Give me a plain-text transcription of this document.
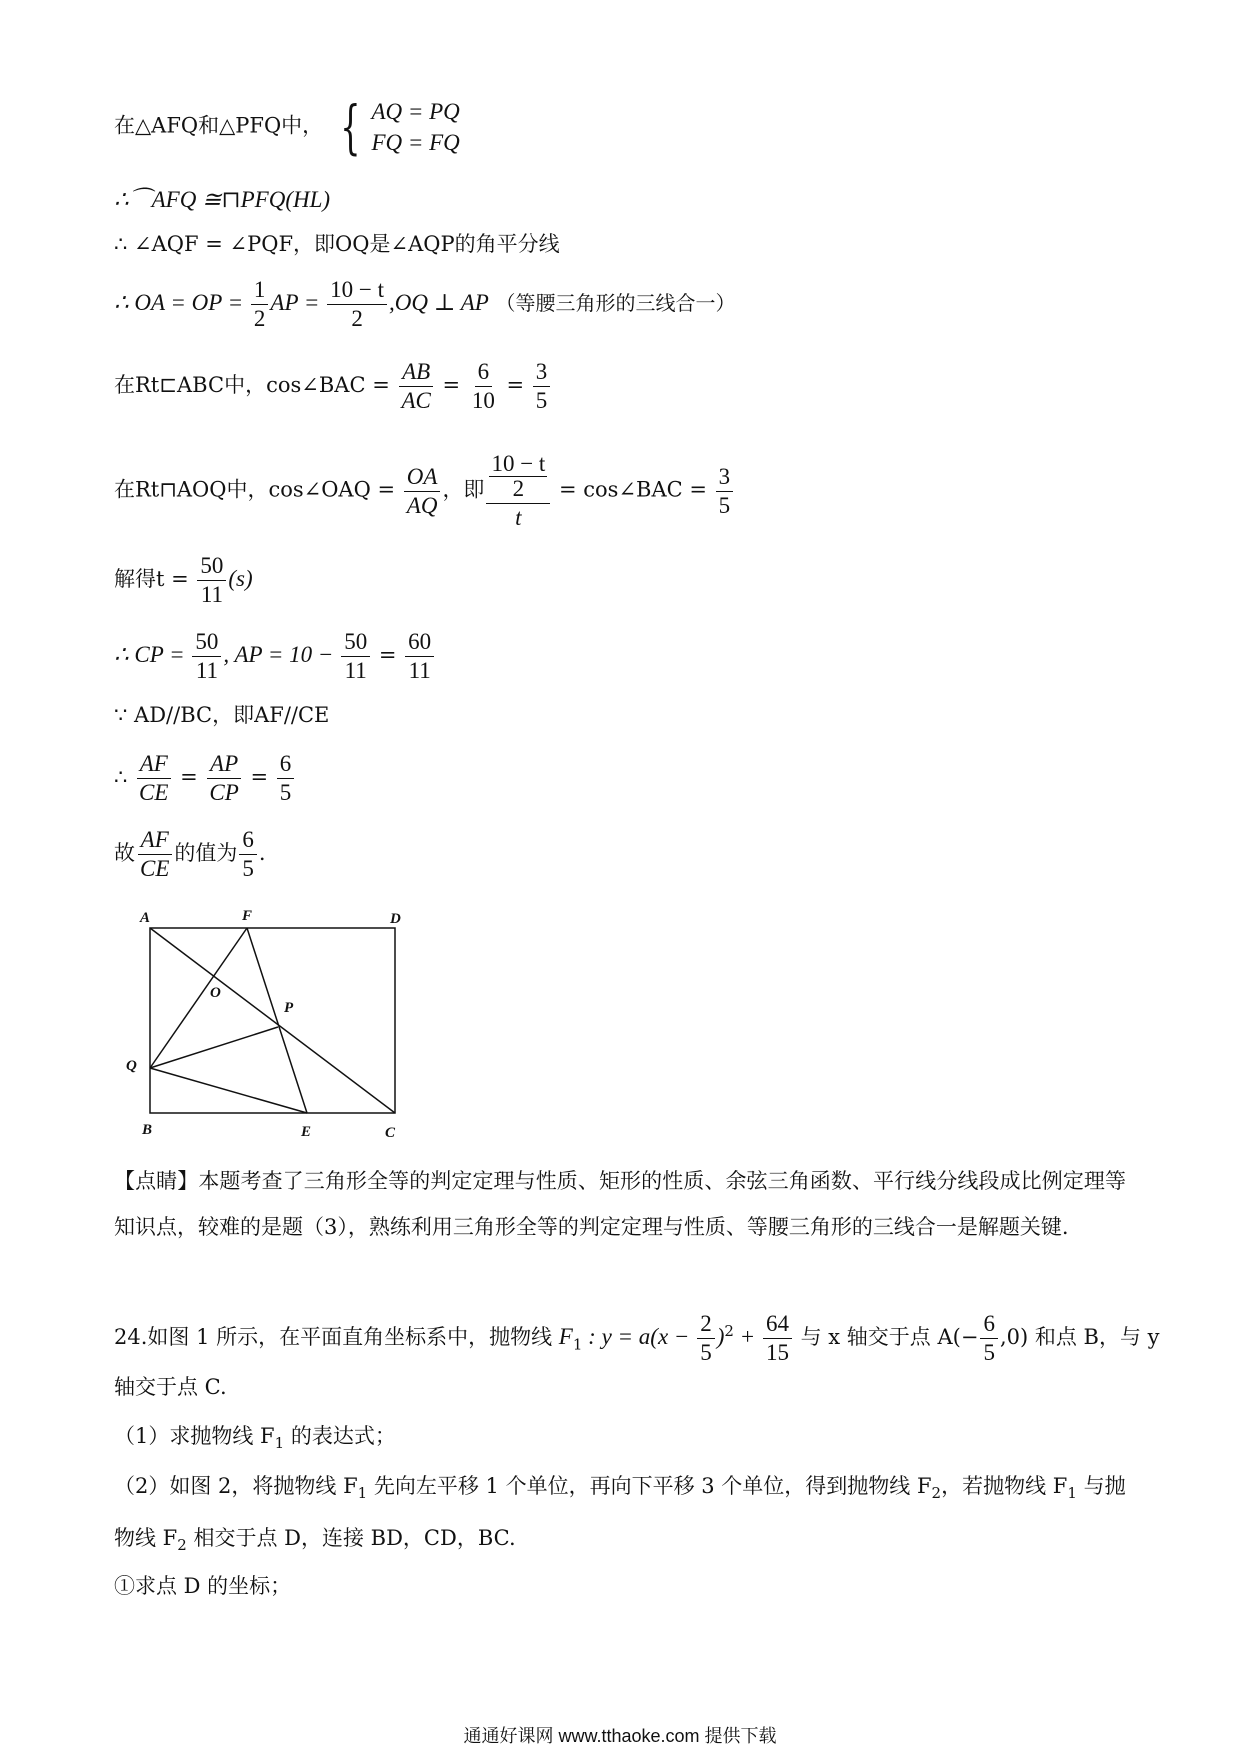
在△AFQ和△PFQ中， { AQ = PQ
FQ = FQ
∴⌒AFQ ≅⊓PFQ(HL)
∴ ∠AQF = ∠PQF，即OQ是∠AQP的角平分线
∴ OA = OP = $\frac{1}{2}$ AP = $\frac{10 - t}{2} ,OQ$ ⊥ AP （等腰三角形的三线合一）
在Rt⊏ABC中，cos∠BAC = $\frac{AB}{AC} = \frac{6}{10} = \frac{3}{5}$
在Rt⊓AOQ中，cos∠OAQ = $\frac{OA}{AQ}$ ，即 $\frac{\frac{10 - t}{2}}{t}$ = cos∠BAC = $\frac{3}{5}$
解得$t = \frac{50}{11} (s)$
∴ CP = $\frac{50}{11}$ , AP = $10 - \frac{50}{11} = \frac{60}{11}$
∵ AD//BC，即AF//CE
∴ $\frac{AF}{CE} = \frac{AP}{CP} = \frac{6}{5}$
故 $\frac{AF}{CE}$ 的值为 $\frac{6}{5}$ .
A	F	D
O
P
Q
B	E	C
【点睛】本题考查了三角形全等的判定定理与性质、矩形的性质、余弦三角函数、平行线分线段成比例定理等知识点，较难的是题（3），熟练利用三角形全等的判定定理与性质、等腰三角形的三线合一是解题关键.
24.如图 1 所示，在平面直角坐标系中，抛物线 $F_1$ : $y = a(x - \frac{2}{5} )^2 + \frac{64}{15}$ 与 x 轴交于点 $A(- \frac{6}{5} ,0)$ 和点 B，与 y
轴交于点 C.
（1）求抛物线 $F_1$ 的表达式；
（2）如图 2，将抛物线 $F_1$ 先向左平移 1 个单位，再向下平移 3 个单位，得到抛物线 $F_2$，若抛物线 $F_1$ 与抛
物线 $F_2$ 相交于点 D，连接 BD，CD，BC.
①求点 D 的坐标；
通通好课网 www.tthaoke.com 提供下载
